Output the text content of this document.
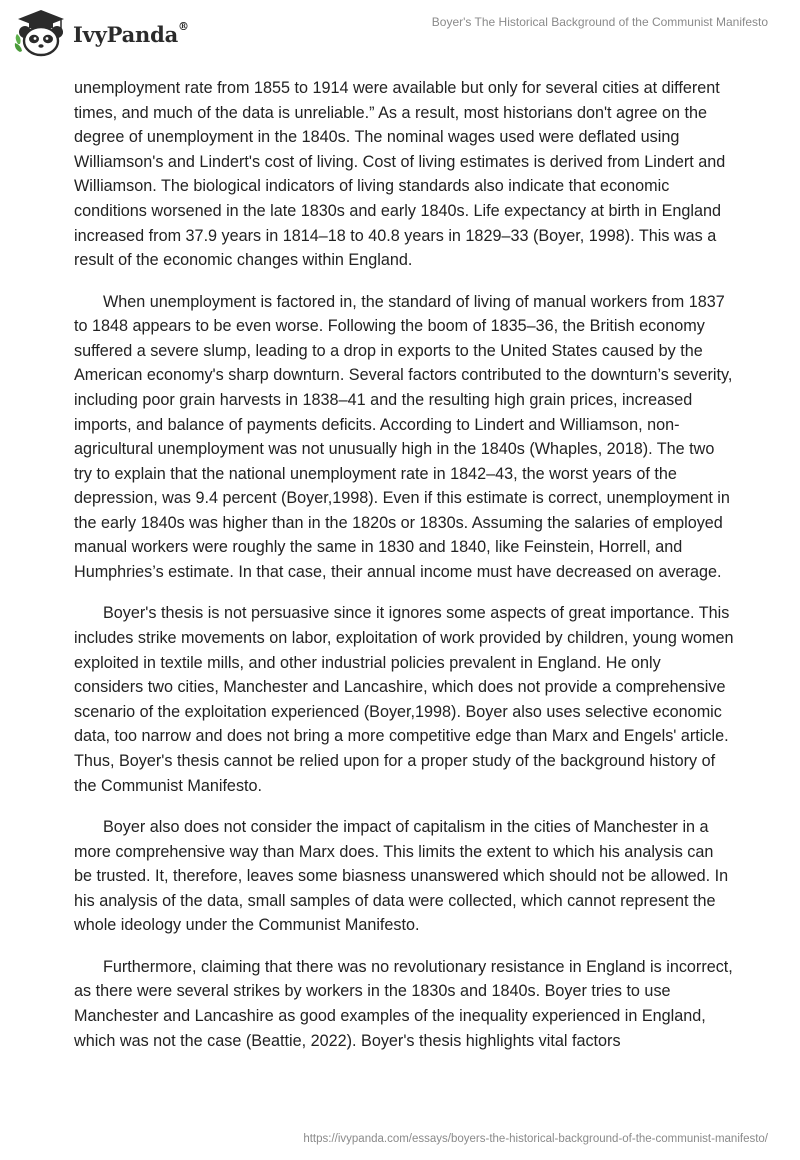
IvyPanda®	Boyer's The Historical Background of the Communist Manifesto

unemployment rate from 1855 to 1914 were available but only for several cities at different times, and much of the data is unreliable.” As a result, most historians don't agree on the degree of unemployment in the 1840s. The nominal wages used were deflated using Williamson's and Lindert's cost of living. Cost of living estimates is derived from Lindert and Williamson. The biological indicators of living standards also indicate that economic conditions worsened in the late 1830s and early 1840s. Life expectancy at birth in England increased from 37.9 years in 1814–18 to 40.8 years in 1829–33 (Boyer, 1998). This was a result of the economic changes within England.

When unemployment is factored in, the standard of living of manual workers from 1837 to 1848 appears to be even worse. Following the boom of 1835–36, the British economy suffered a severe slump, leading to a drop in exports to the United States caused by the American economy's sharp downturn. Several factors contributed to the downturn’s severity, including poor grain harvests in 1838–41 and the resulting high grain prices, increased imports, and balance of payments deficits. According to Lindert and Williamson, non-agricultural unemployment was not unusually high in the 1840s (Whaples, 2018). The two try to explain that the national unemployment rate in 1842–43, the worst years of the depression, was 9.4 percent (Boyer,1998). Even if this estimate is correct, unemployment in the early 1840s was higher than in the 1820s or 1830s. Assuming the salaries of employed manual workers were roughly the same in 1830 and 1840, like Feinstein, Horrell, and Humphries’s estimate. In that case, their annual income must have decreased on average.

Boyer's thesis is not persuasive since it ignores some aspects of great importance. This includes strike movements on labor, exploitation of work provided by children, young women exploited in textile mills, and other industrial policies prevalent in England. He only considers two cities, Manchester and Lancashire, which does not provide a comprehensive scenario of the exploitation experienced (Boyer,1998). Boyer also uses selective economic data, too narrow and does not bring a more competitive edge than Marx and Engels' article. Thus, Boyer's thesis cannot be relied upon for a proper study of the background history of the Communist Manifesto.

Boyer also does not consider the impact of capitalism in the cities of Manchester in a more comprehensive way than Marx does. This limits the extent to which his analysis can be trusted. It, therefore, leaves some biasness unanswered which should not be allowed. In his analysis of the data, small samples of data were collected, which cannot represent the whole ideology under the Communist Manifesto.

Furthermore, claiming that there was no revolutionary resistance in England is incorrect, as there were several strikes by workers in the 1830s and 1840s. Boyer tries to use Manchester and Lancashire as good examples of the inequality experienced in England, which was not the case (Beattie, 2022). Boyer's thesis highlights vital factors

https://ivypanda.com/essays/boyers-the-historical-background-of-the-communist-manifesto/
